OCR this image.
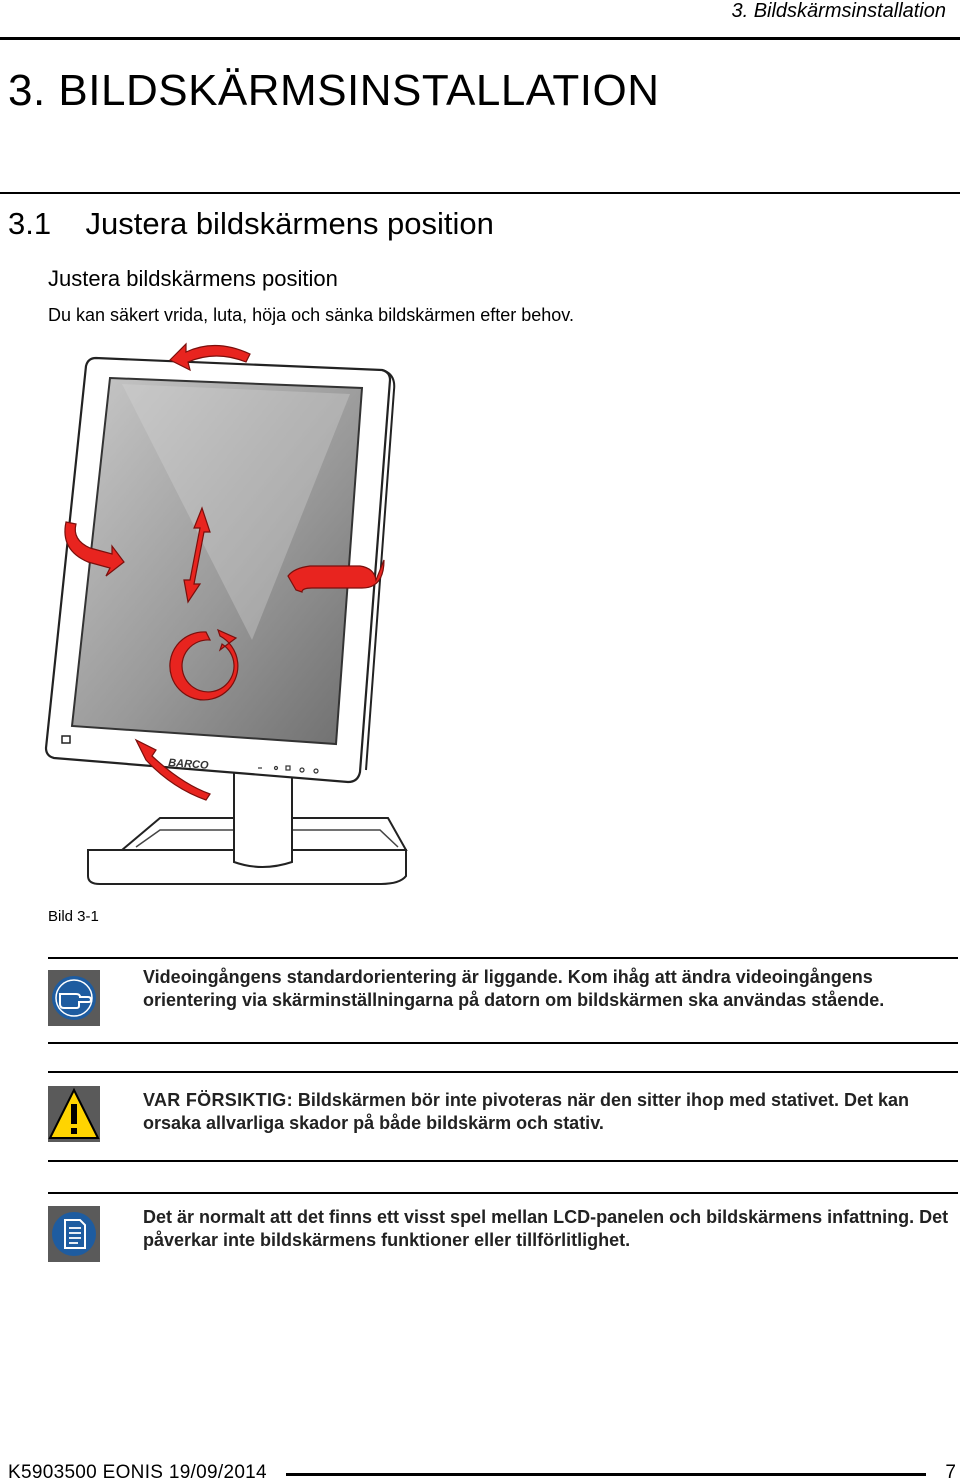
3. Bildskärmsinstallation
3. BILDSKÄRMSINSTALLATION
3.1    Justera bildskärmens position
Justera bildskärmens position
Du kan säkert vrida, luta, höja och sänka bildskärmen efter behov.
BARCO
Bild 3-1
Videoingångens standardorientering är liggande. Kom ihåg att ändra videoingångens orientering via skärminställningarna på datorn om bildskärmen ska användas stående.
VAR FÖRSIKTIG: Bildskärmen bör inte pivoteras när den sitter ihop med stativet. Det kan orsaka allvarliga skador på både bildskärm och stativ.
Det är normalt att det finns ett visst spel mellan LCD-panelen och bildskärmens infattning. Det påverkar inte bildskärmens funktioner eller tillförlitlighet.
K5903500 EONIS 19/09/2014	7
